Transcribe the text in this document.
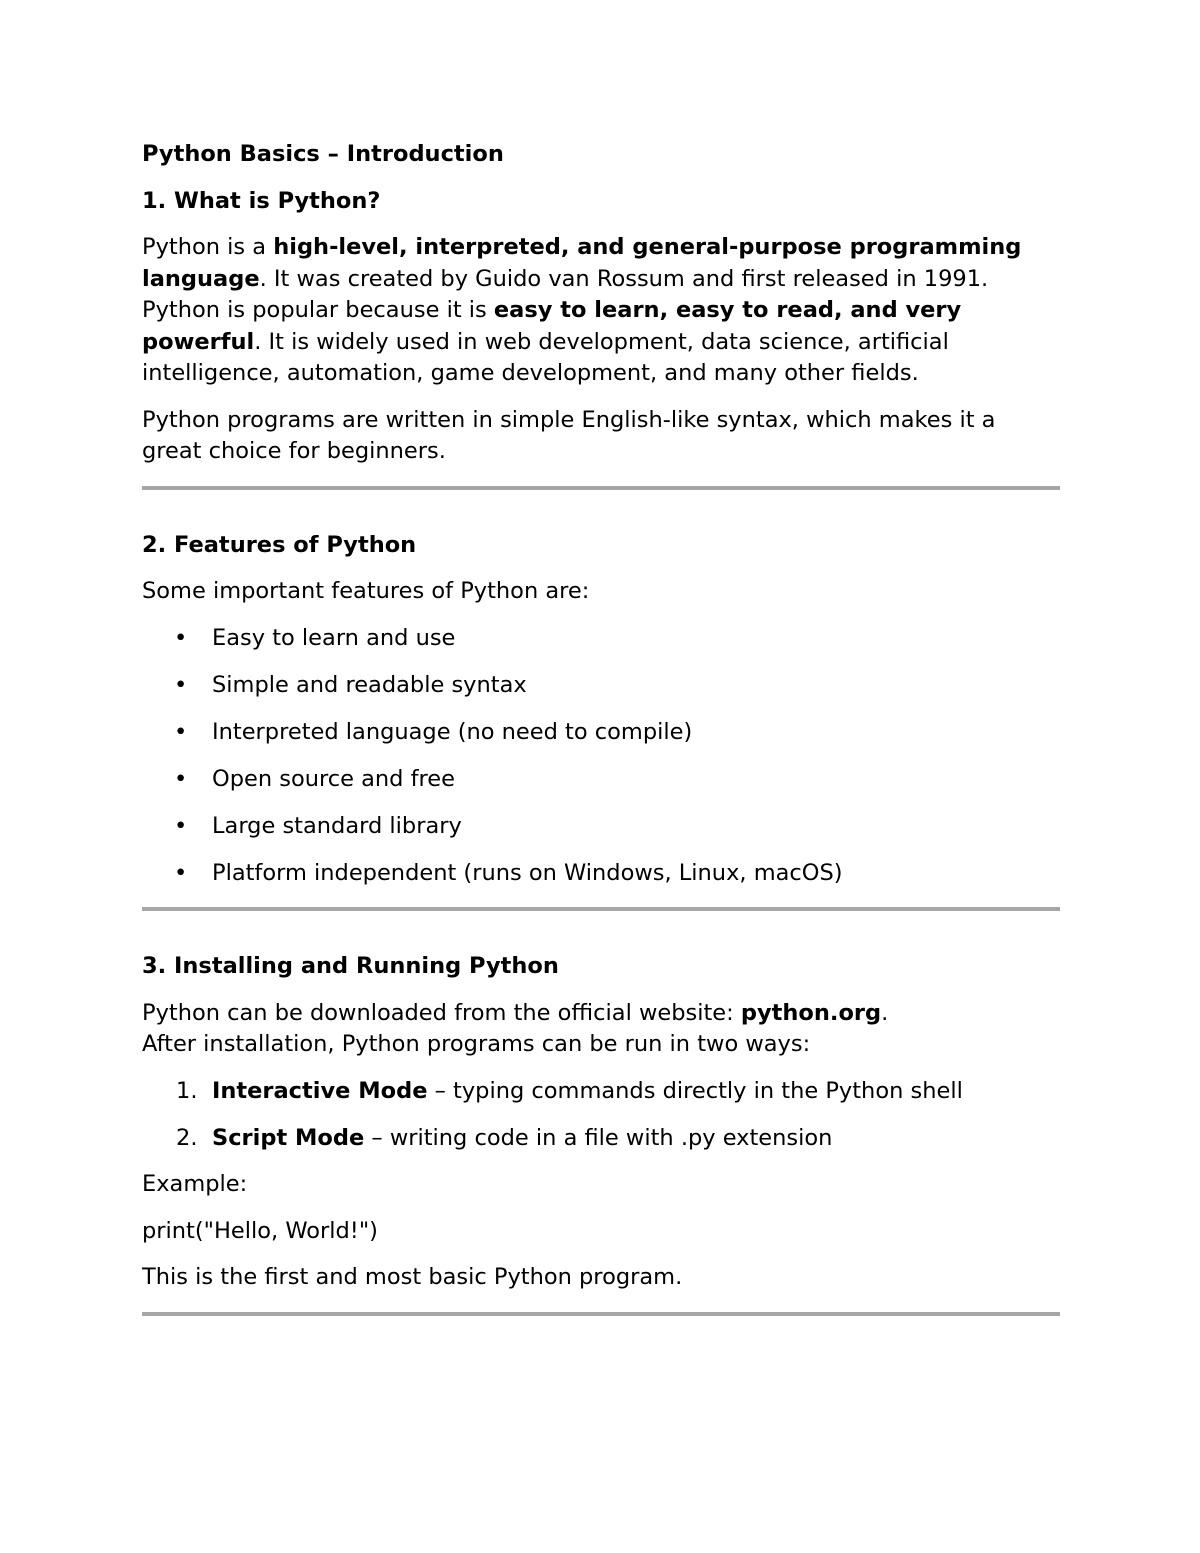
Python Basics – Introduction
1. What is Python?
Python is a high-level, interpreted, and general-purpose programming language. It was created by Guido van Rossum and first released in 1991. Python is popular because it is easy to learn, easy to read, and very powerful. It is widely used in web development, data science, artificial intelligence, automation, game development, and many other fields.
Python programs are written in simple English-like syntax, which makes it a great choice for beginners.
2. Features of Python
Some important features of Python are:
• Easy to learn and use
• Simple and readable syntax
• Interpreted language (no need to compile)
• Open source and free
• Large standard library
• Platform independent (runs on Windows, Linux, macOS)
3. Installing and Running Python
Python can be downloaded from the official website: python.org.
After installation, Python programs can be run in two ways:
1. Interactive Mode – typing commands directly in the Python shell
2. Script Mode – writing code in a file with .py extension
Example:
print("Hello, World!")
This is the first and most basic Python program.
